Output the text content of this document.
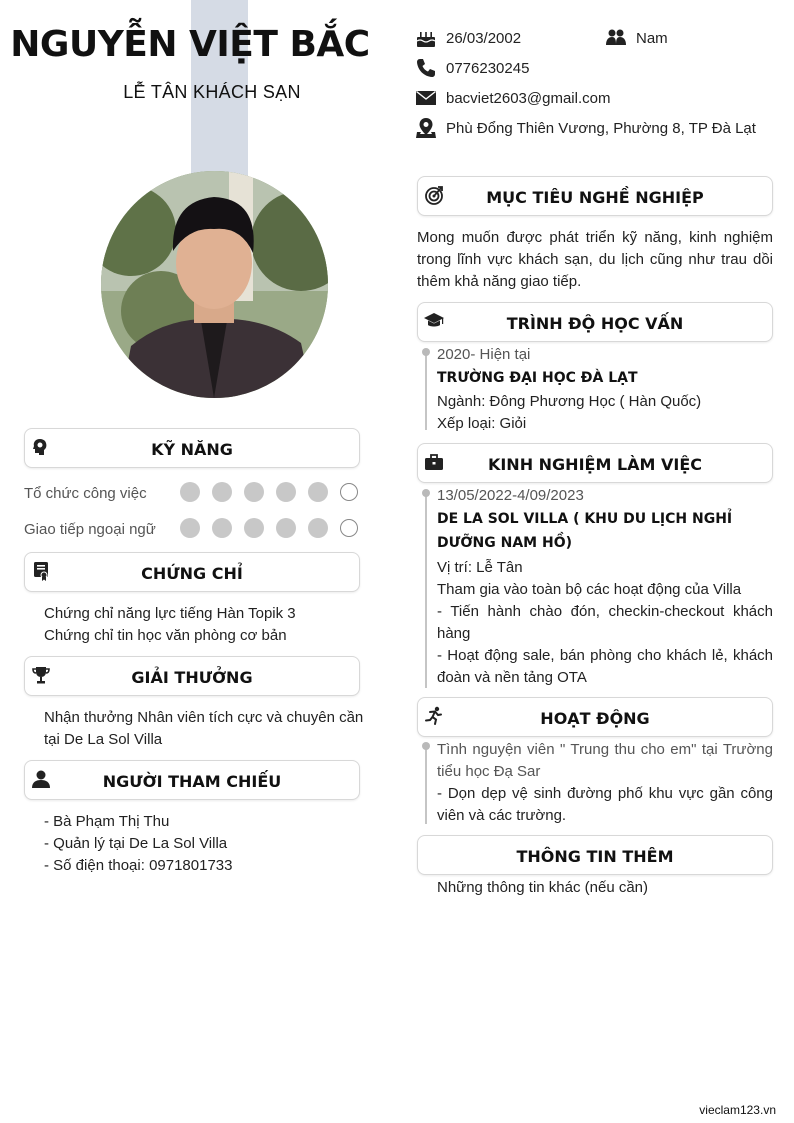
NGUYỄN VIỆT BẮC
LỄ TÂN KHÁCH SẠN
KỸ NĂNG
Tổ chức công việc
Giao tiếp ngoại ngữ
CHỨNG CHỈ
Chứng chỉ năng lực tiếng Hàn Topik 3
Chứng chỉ tin học văn phòng cơ bản
GIẢI THƯỞNG
Nhận thưởng Nhân viên tích cực và chuyên cần
tại De La Sol Villa
NGƯỜI THAM CHIẾU
- Bà Phạm Thị Thu
- Quản lý tại De La Sol Villa
- Số điện thoại: 0971801733
26/03/2002	Nam
0776230245
bacviet2603@gmail.com
Phù Đổng Thiên Vương, Phường 8, TP Đà Lạt
MỤC TIÊU NGHỀ NGHIỆP
Mong muốn được phát triển kỹ năng, kinh nghiệm trong lĩnh vực khách sạn, du lịch cũng như trau dồi thêm khả năng giao tiếp.
TRÌNH ĐỘ HỌC VẤN
2020- Hiện tại
TRƯỜNG ĐẠI HỌC ĐÀ LẠT
Ngành: Đông Phương Học ( Hàn Quốc)
Xếp loại: Giỏi
KINH NGHIỆM LÀM VIỆC
13/05/2022-4/09/2023
DE LA SOL VILLA ( KHU DU LỊCH NGHỈ DƯỠNG NAM HỒ)
Vị trí: Lễ Tân
Tham gia vào toàn bộ các hoạt động của Villa
- Tiến hành chào đón, checkin-checkout khách hàng
- Hoạt động sale, bán phòng cho khách lẻ, khách đoàn và nền tảng OTA
HOẠT ĐỘNG
Tình nguyện viên " Trung thu cho em" tại Trường tiểu học Đạ Sar
- Dọn dẹp vệ sinh đường phố khu vực gần công viên và các trường.
THÔNG TIN THÊM
Những thông tin khác (nếu cần)
vieclam123.vn
